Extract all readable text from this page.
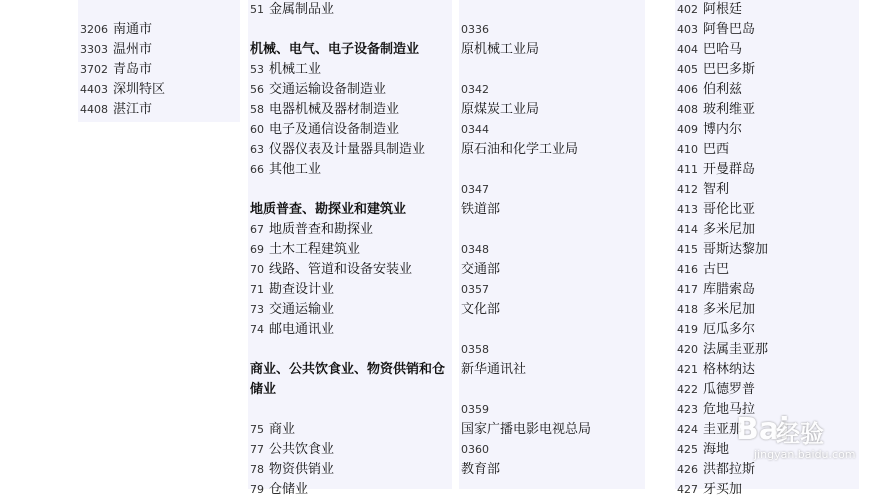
3206 南通市
3303 温州市
3702 青岛市
4403 深圳特区
4408 湛江市
51 金属制品业
机械、电气、电子设备制造业
53 机械工业
56 交通运输设备制造业
58 电器机械及器材制造业
60 电子及通信设备制造业
63 仪器仪表及计量器具制造业
66 其他工业
地质普查、勘探业和建筑业
67 地质普查和勘探业
69 土木工程建筑业
70 线路、管道和设备安装业
71 勘查设计业
73 交通运输业
74 邮电通讯业
商业、公共饮食业、物资供销和仓储业
75 商业
77 公共饮食业
78 物资供销业
79 仓储业
0336
原机械工业局
0342
原煤炭工业局
0344
原石油和化学工业局
0347
铁道部
0348
交通部
0357
文化部
0358
新华通讯社
0359
国家广播电影电视总局
0360
教育部
402 阿根廷
403 阿鲁巴岛
404 巴哈马
405 巴巴多斯
406 伯利兹
408 玻利维亚
409 博内尔
410 巴西
411 开曼群岛
412 智利
413 哥伦比亚
414 多米尼加
415 哥斯达黎加
416 古巴
417 库腊索岛
418 多米尼加
419 厄瓜多尔
420 法属圭亚那
421 格林纳达
422 瓜德罗普
423 危地马拉
424 圭亚那
425 海地
426 洪都拉斯
427 牙买加
Bai
经验
jingyan.baidu.com
